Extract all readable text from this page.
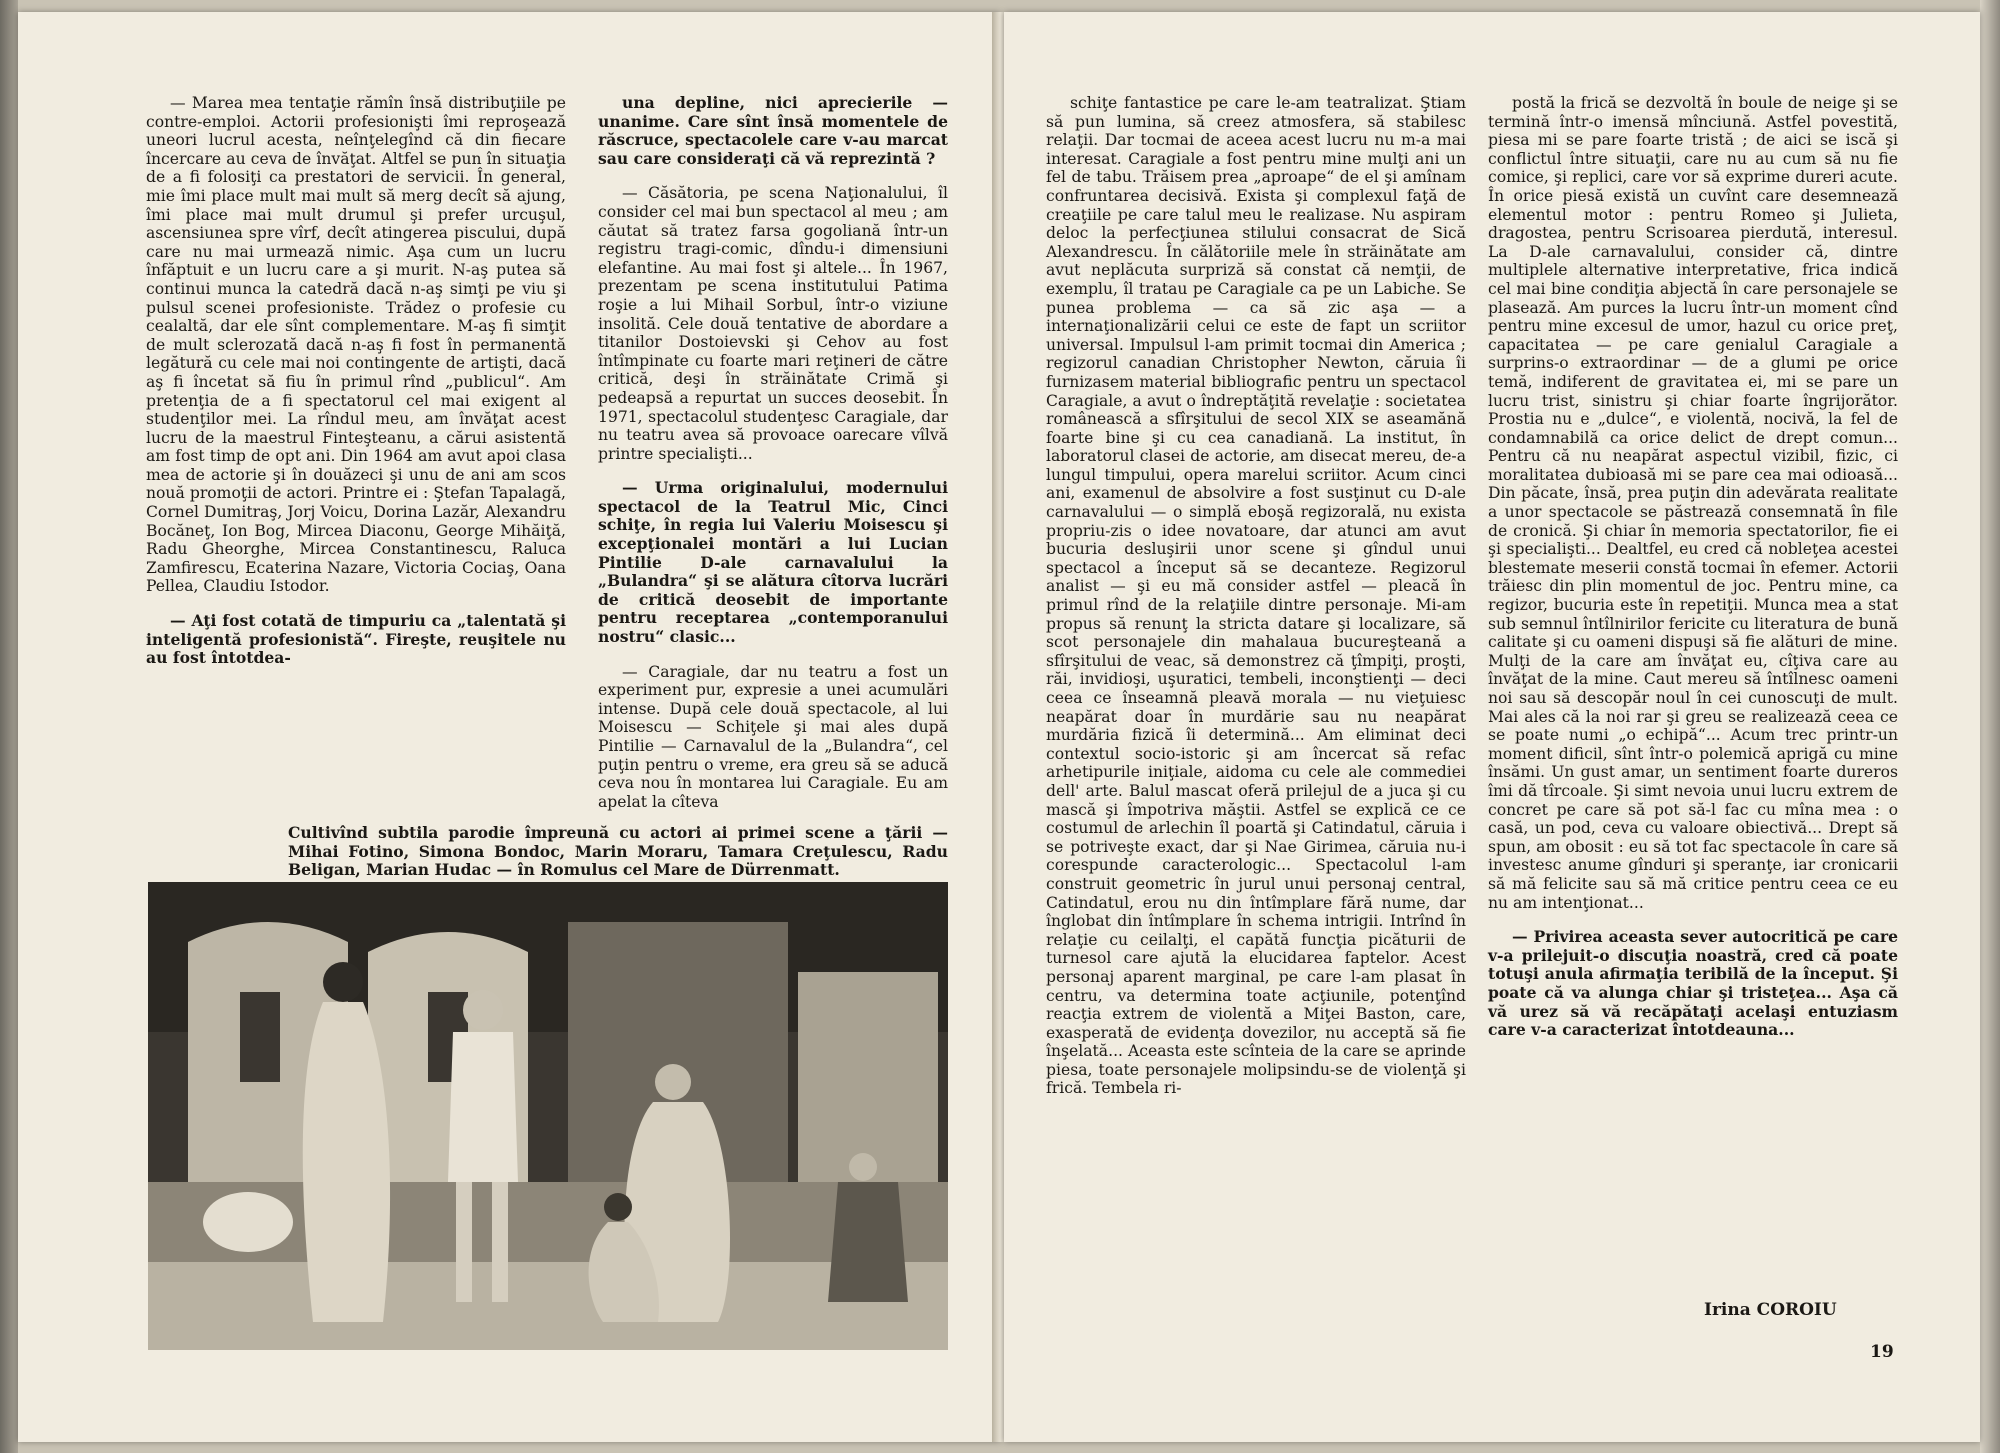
— Marea mea tentaţie rămîn însă distribuţiile pe contre-emploi. Actorii profesionişti îmi reproşează uneori lucrul acesta, neînţelegînd că din fiecare încercare au ceva de învăţat. Altfel se pun în situaţia de a fi folosiţi ca prestatori de servicii. În general, mie îmi place mult mai mult să merg decît să ajung, îmi place mai mult drumul şi prefer urcuşul, ascensiunea spre vîrf, decît atingerea piscului, după care nu mai urmează nimic. Aşa cum un lucru înfăptuit e un lucru care a şi murit. N-aş putea să continui munca la catedră dacă n-aş simţi pe viu şi pulsul scenei profesioniste. Trădez o profesie cu cealaltă, dar ele sînt complementare. M-aş fi simţit de mult sclerozată dacă n-aş fi fost în permanentă legătură cu cele mai noi contingente de artişti, dacă aş fi încetat să fiu în primul rînd „publicul“. Am pretenţia de a fi spectatorul cel mai exigent al studenţilor mei. La rîndul meu, am învăţat acest lucru de la maestrul Finteşteanu, a cărui asistentă am fost timp de opt ani. Din 1964 am avut apoi clasa mea de actorie şi în douăzeci şi unu de ani am scos nouă promoţii de actori. Printre ei : Ştefan Tapalagă, Cornel Dumitraş, Jorj Voicu, Dorina Lazăr, Alexandru Bocăneţ, Ion Bog, Mircea Diaconu, George Mihăiţă, Radu Gheorghe, Mircea Constantinescu, Raluca Zamfirescu, Ecaterina Nazare, Victoria Cociaş, Oana Pellea, Claudiu Istodor.

— Aţi fost cotată de timpuriu ca „talentată şi inteligentă profesionistă“. Fireşte, reuşitele nu au fost întotdea-

una depline, nici aprecierile — unanime. Care sînt însă momentele de răscruce, spectacolele care v-au marcat sau care consideraţi că vă reprezintă ?

— Căsătoria, pe scena Naţionalului, îl consider cel mai bun spectacol al meu ; am căutat să tratez farsa gogoliană într-un registru tragi-comic, dîndu-i dimensiuni elefantine. Au mai fost şi altele... În 1967, prezentam pe scena institutului Patima roşie a lui Mihail Sorbul, într-o viziune insolită. Cele două tentative de abordare a titanilor Dostoievski şi Cehov au fost întîmpinate cu foarte mari reţineri de către critică, deşi în străinătate Crimă şi pedeapsă a repurtat un succes deosebit. În 1971, spectacolul studenţesc Caragiale, dar nu teatru avea să provoace oarecare vîlvă printre specialişti...

— Urma originalului, modernului spectacol de la Teatrul Mic, Cinci schiţe, în regia lui Valeriu Moisescu şi excepţionalei montări a lui Lucian Pintilie D-ale carnavalului la „Bulandra“ şi se alătura cîtorva lucrări de critică deosebit de importante pentru receptarea „contemporanului nostru“ clasic...

— Caragiale, dar nu teatru a fost un experiment pur, expresie a unei acumulări intense. După cele două spectacole, al lui Moisescu — Schiţele şi mai ales după Pintilie — Carnavalul de la „Bulandra“, cel puţin pentru o vreme, era greu să se aducă ceva nou în montarea lui Caragiale. Eu am apelat la cîteva

Cultivînd subtila parodie împreună cu actori ai primei scene a ţării — Mihai Fotino, Simona Bondoc, Marin Moraru, Tamara Creţulescu, Radu Beligan, Marian Hudac — în Romulus cel Mare de Dürrenmatt.

schiţe fantastice pe care le-am teatralizat. Ştiam să pun lumina, să creez atmosfera, să stabilesc relaţii. Dar tocmai de aceea acest lucru nu m-a mai interesat. Caragiale a fost pentru mine mulţi ani un fel de tabu. Trăisem prea „aproape“ de el şi amînam confruntarea decisivă. Exista şi complexul faţă de creaţiile pe care talul meu le realizase. Nu aspiram deloc la perfecţiunea stilului consacrat de Sică Alexandrescu. În călătoriile mele în străinătate am avut neplăcuta surpriză să constat că nemţii, de exemplu, îl tratau pe Caragiale ca pe un Labiche. Se punea problema — ca să zic aşa — a internaţionalizării celui ce este de fapt un scriitor universal. Impulsul l-am primit tocmai din America ; regizorul canadian Christopher Newton, căruia îi furnizasem material bibliografic pentru un spectacol Caragiale, a avut o îndreptăţită revelaţie : societatea românească a sfîrşitului de secol XIX se aseamănă foarte bine şi cu cea canadiană. La institut, în laboratorul clasei de actorie, am disecat mereu, de-a lungul timpului, opera marelui scriitor. Acum cinci ani, examenul de absolvire a fost susţinut cu D-ale carnavalului — o simplă eboşă regizorală, nu exista propriu-zis o idee novatoare, dar atunci am avut bucuria desluşirii unor scene şi gîndul unui spectacol a început să se decanteze. Regizorul analist — şi eu mă consider astfel — pleacă în primul rînd de la relaţiile dintre personaje. Mi-am propus să renunţ la stricta datare şi localizare, să scot personajele din mahalaua bucureşteană a sfîrşitului de veac, să demonstrez că ţîmpiţi, proşti, răi, invidioşi, uşuratici, tembeli, inconştienţi — deci ceea ce înseamnă pleavă morala — nu vieţuiesc neapărat doar în murdărie sau nu neapărat murdăria fizică îi determină... Am eliminat deci contextul socio-istoric şi am încercat să refac arhetipurile iniţiale, aidoma cu cele ale commediei dell' arte. Balul mascat oferă prilejul de a juca şi cu mască şi împotriva măştii. Astfel se explică ce ce costumul de arlechin îl poartă şi Catindatul, căruia i se potriveşte exact, dar şi Nae Girimea, căruia nu-i corespunde caracterologic... Spectacolul l-am construit geometric în jurul unui personaj central, Catindatul, erou nu din întîmplare fără nume, dar înglobat din întîmplare în schema intrigii. Intrînd în relaţie cu ceilalţi, el capătă funcţia picăturii de turnesol care ajută la elucidarea faptelor. Acest personaj aparent marginal, pe care l-am plasat în centru, va determina toate acţiunile, potenţînd reacţia extrem de violentă a Miţei Baston, care, exasperată de evidenţa dovezilor, nu acceptă să fie înşelată... Aceasta este scînteia de la care se aprinde piesa, toate personajele molipsindu-se de violenţă şi frică. Tembela ri-

postă la frică se dezvoltă în boule de neige şi se termină într-o imensă mînciună. Astfel povestită, piesa mi se pare foarte tristă ; de aici se iscă şi conflictul între situaţii, care nu au cum să nu fie comice, şi replici, care vor să exprime dureri acute. În orice piesă există un cuvînt care desemnează elementul motor : pentru Romeo şi Julieta, dragostea, pentru Scrisoarea pierdută, interesul. La D-ale carnavalului, consider că, dintre multiplele alternative interpretative, frica indică cel mai bine condiţia abjectă în care personajele se plasează. Am purces la lucru într-un moment cînd pentru mine excesul de umor, hazul cu orice preţ, capacitatea — pe care genialul Caragiale a surprins-o extraordinar — de a glumi pe orice temă, indiferent de gravitatea ei, mi se pare un lucru trist, sinistru şi chiar foarte îngrijorător. Prostia nu e „dulce“, e violentă, nocivă, la fel de condamnabilă ca orice delict de drept comun... Pentru că nu neapărat aspectul vizibil, fizic, ci moralitatea dubioasă mi se pare cea mai odioasă... Din păcate, însă, prea puţin din adevărata realitate a unor spectacole se păstrează consemnată în file de cronică. Şi chiar în memoria spectatorilor, fie ei şi specialişti... Dealtfel, eu cred că nobleţea acestei blestemate meserii constă tocmai în efemer. Actorii trăiesc din plin momentul de joc. Pentru mine, ca regizor, bucuria este în repetiţii. Munca mea a stat sub semnul întîlnirilor fericite cu literatura de bună calitate şi cu oameni dispuşi să fie alături de mine. Mulţi de la care am învăţat eu, cîţiva care au învăţat de la mine. Caut mereu să întîlnesc oameni noi sau să descopăr noul în cei cunoscuţi de mult. Mai ales că la noi rar şi greu se realizează ceea ce se poate numi „o echipă“... Acum trec printr-un moment dificil, sînt într-o polemică aprigă cu mine însămi. Un gust amar, un sentiment foarte dureros îmi dă tîrcoale. Şi simt nevoia unui lucru extrem de concret pe care să pot să-l fac cu mîna mea : o casă, un pod, ceva cu valoare obiectivă... Drept să spun, am obosit : eu să tot fac spectacole în care să investesc anume gînduri şi speranţe, iar cronicarii să mă felicite sau să mă critice pentru ceea ce eu nu am intenţionat...

— Privirea aceasta sever autocritică pe care v-a prilejuit-o discuţia noastră, cred că poate totuşi anula afirmaţia teribilă de la început. Şi poate că va alunga chiar şi tristeţea... Aşa că vă urez să vă recăpătaţi acelaşi entuziasm care v-a caracterizat întotdeauna...

Irina COROIU
19
